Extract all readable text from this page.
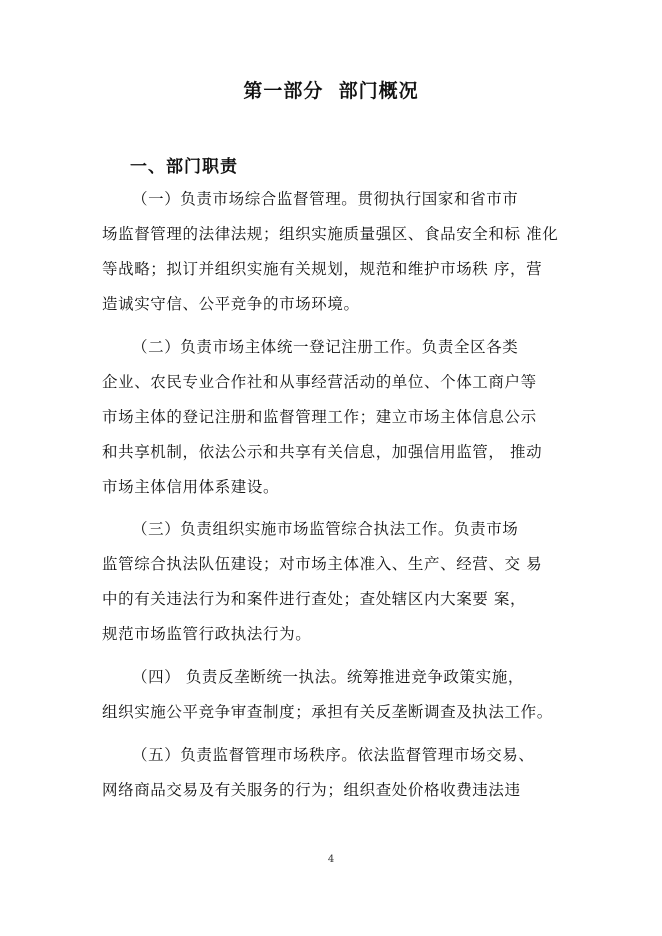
第一部分  部门概况
一、部门职责
（一）负责市场综合监督管理。贯彻执行国家和省市市
场监督管理的法律法规；组织实施质量强区、食品安全和标 准化
等战略；拟订并组织实施有关规划，规范和维护市场秩 序，营
造诚实守信、公平竞争的市场环境。
（二）负责市场主体统一登记注册工作。负责全区各类
企业、农民专业合作社和从事经营活动的单位、个体工商户等
市场主体的登记注册和监督管理工作；建立市场主体信息公示
和共享机制，依法公示和共享有关信息，加强信用监管， 推动
市场主体信用体系建设。
（三）负责组织实施市场监管综合执法工作。负责市场
监管综合执法队伍建设；对市场主体准入、生产、经营、交 易
中的有关违法行为和案件进行查处；查处辖区内大案要 案，
规范市场监管行政执法行为。
（四） 负责反垄断统一执法。统筹推进竞争政策实施，
组织实施公平竞争审查制度；承担有关反垄断调查及执法工作。
（五）负责监督管理市场秩序。依法监督管理市场交易、
网络商品交易及有关服务的行为；组织查处价格收费违法违
4
